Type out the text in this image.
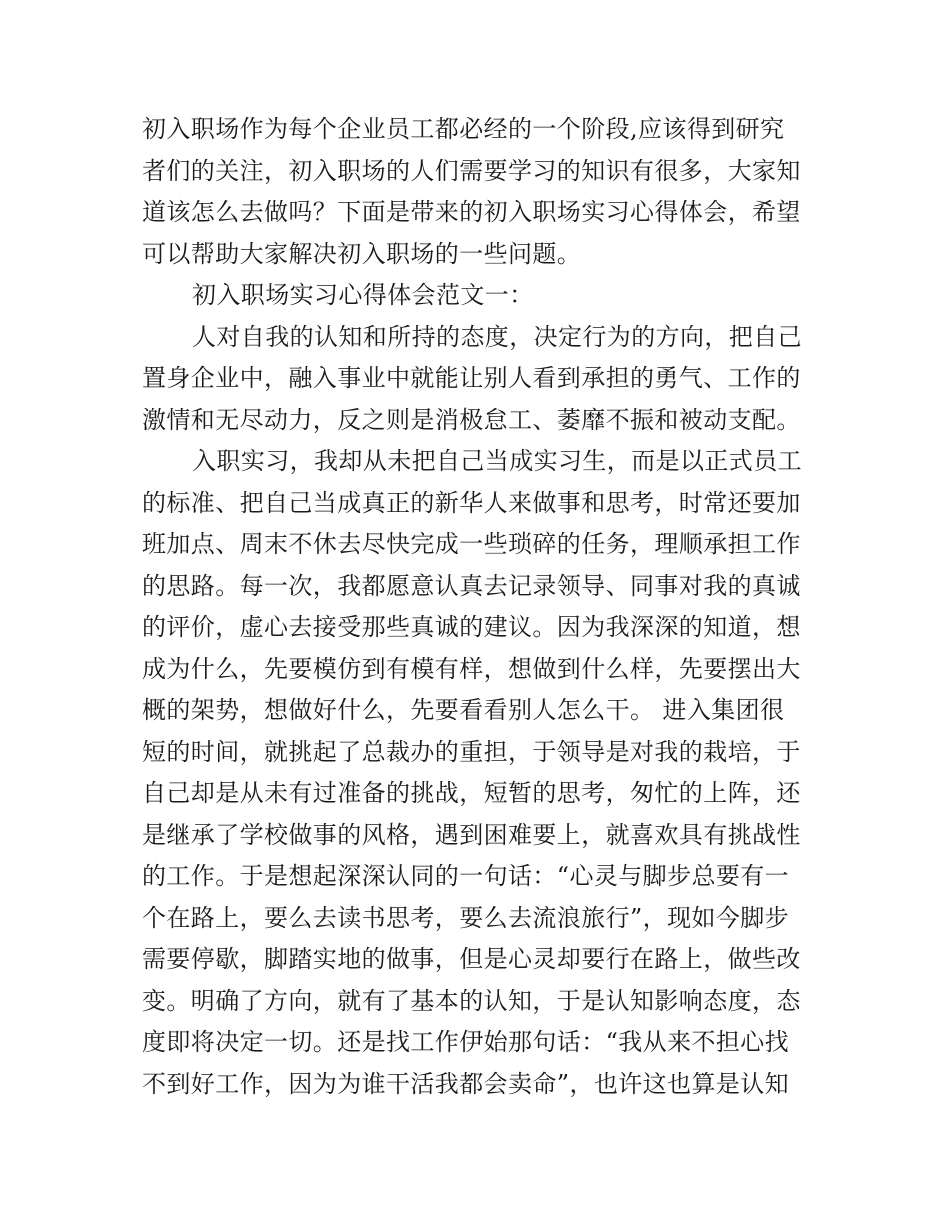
初入职场作为每个企业员工都必经的一个阶段,应该得到研究
者们的关注，初入职场的人们需要学习的知识有很多，大家知
道该怎么去做吗？下面是带来的初入职场实习心得体会，希望
可以帮助大家解决初入职场的一些问题。
初入职场实习心得体会范文一：
人对自我的认知和所持的态度，决定行为的方向，把自己
置身企业中，融入事业中就能让别人看到承担的勇气、工作的
激情和无尽动力，反之则是消极怠工、萎靡不振和被动支配。
入职实习，我却从未把自己当成实习生，而是以正式员工
的标准、把自己当成真正的新华人来做事和思考，时常还要加
班加点、周末不休去尽快完成一些琐碎的任务，理顺承担工作
的思路。每一次，我都愿意认真去记录领导、同事对我的真诚
的评价，虚心去接受那些真诚的建议。因为我深深的知道，想
成为什么，先要模仿到有模有样，想做到什么样，先要摆出大
概的架势，想做好什么，先要看看别人怎么干。 进入集团很
短的时间，就挑起了总裁办的重担，于领导是对我的栽培，于
自己却是从未有过准备的挑战，短暂的思考，匆忙的上阵，还
是继承了学校做事的风格，遇到困难要上，就喜欢具有挑战性
的工作。于是想起深深认同的一句话：“心灵与脚步总要有一
个在路上，要么去读书思考，要么去流浪旅行”，现如今脚步
需要停歇，脚踏实地的做事，但是心灵却要行在路上，做些改
变。明确了方向，就有了基本的认知，于是认知影响态度，态
度即将决定一切。还是找工作伊始那句话：“我从来不担心找
不到好工作，因为为谁干活我都会卖命”，也许这也算是认知
